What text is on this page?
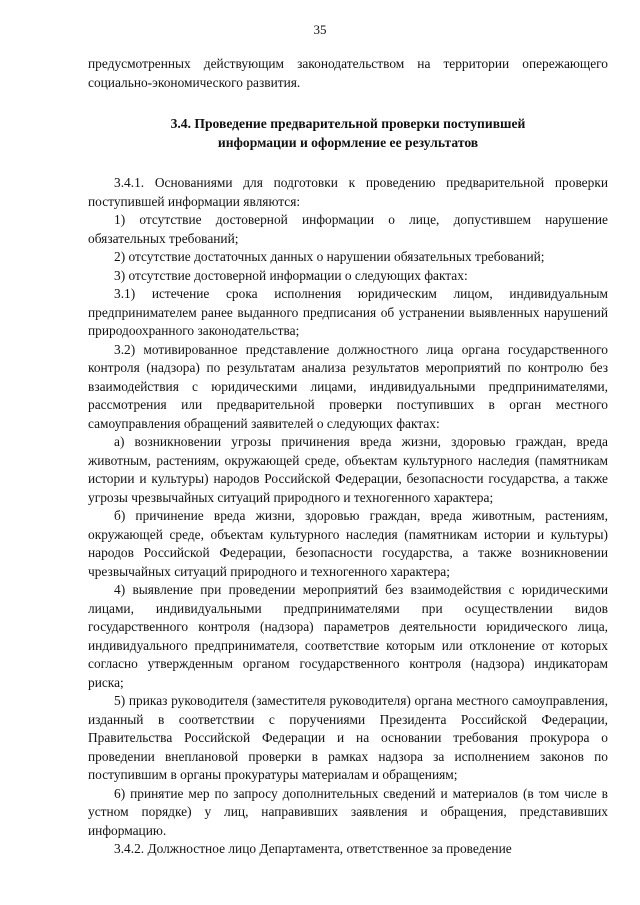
35

предусмотренных действующим законодательством на территории опережающего социально-экономического развития.

3.4. Проведение предварительной проверки поступившей
информации и оформление ее результатов

3.4.1. Основаниями для подготовки к проведению предварительной проверки поступившей информации являются:

1) отсутствие достоверной информации о лице, допустившем нарушение обязательных требований;

2) отсутствие достаточных данных о нарушении обязательных требований;

3) отсутствие достоверной информации о следующих фактах:

3.1) истечение срока исполнения юридическим лицом, индивидуальным предпринимателем ранее выданного предписания об устранении выявленных нарушений природоохранного законодательства;

3.2) мотивированное представление должностного лица органа государственного контроля (надзора) по результатам анализа результатов мероприятий по контролю без взаимодействия с юридическими лицами, индивидуальными предпринимателями, рассмотрения или предварительной проверки поступивших в орган местного самоуправления обращений заявителей о следующих фактах:

а) возникновении угрозы причинения вреда жизни, здоровью граждан, вреда животным, растениям, окружающей среде, объектам культурного наследия (памятникам истории и культуры) народов Российской Федерации, безопасности государства, а также угрозы чрезвычайных ситуаций природного и техногенного характера;

б) причинение вреда жизни, здоровью граждан, вреда животным, растениям, окружающей среде, объектам культурного наследия (памятникам истории и культуры) народов Российской Федерации, безопасности государства, а также возникновении чрезвычайных ситуаций природного и техногенного характера;

4) выявление при проведении мероприятий без взаимодействия с юридическими лицами, индивидуальными предпринимателями при осуществлении видов государственного контроля (надзора) параметров деятельности юридического лица, индивидуального предпринимателя, соответствие которым или отклонение от которых согласно утвержденным органом государственного контроля (надзора) индикаторам риска;

5) приказ руководителя (заместителя руководителя) органа местного самоуправления, изданный в соответствии с поручениями Президента Российской Федерации, Правительства Российской Федерации и на основании требования прокурора о проведении внеплановой проверки в рамках надзора за исполнением законов по поступившим в органы прокуратуры материалам и обращениям;

6) принятие мер по запросу дополнительных сведений и материалов (в том числе в устном порядке) у лиц, направивших заявления и обращения, представивших информацию.

3.4.2. Должностное лицо Департамента, ответственное за проведение
